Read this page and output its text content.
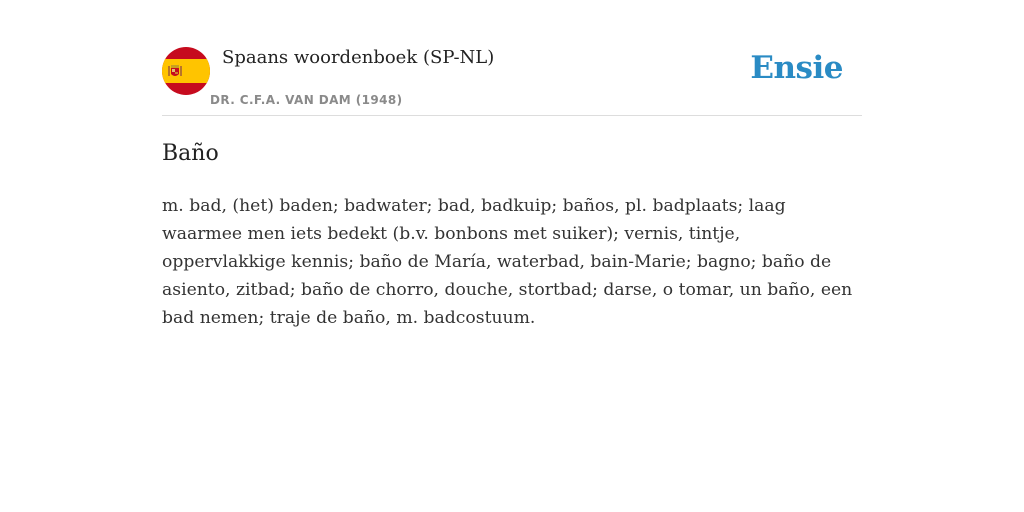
Spaans woordenboek (SP-NL)
DR. C.F.A. VAN DAM (1948)
Ensie
Baño

m. bad, (het) baden; badwater; bad, badkuip; baños, pl. badplaats; laag waarmee men iets bedekt (b.v. bonbons met suiker); vernis, tintje, oppervlakkige kennis; baño de María, waterbad, bain-Marie; bagno; baño de asiento, zitbad; baño de chorro, douche, stortbad; darse, o tomar, un baño, een bad nemen; traje de baño, m. badcostuum.
